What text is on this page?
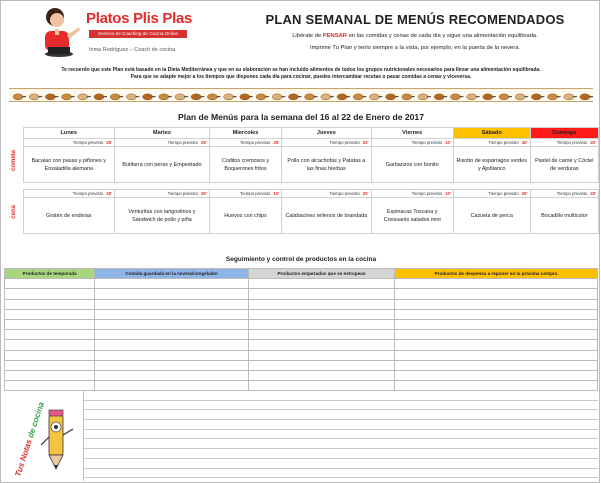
Platos Plis Plas
Servicio de Coaching de Cocina Online
Inma Rodríguez – Coach de cocina
PLAN SEMANAL DE MENÚS RECOMENDADOS
Libérate de PENSAR en las comidas y cenas de cada día y sigue una alimentación equilibrada.
Imprime Tu Plan y tenlo siempre a la vista, por ejemplo, en la puerta de la nevera.
Te recuerdo que este Plan está basado en la Dieta Mediterránea y que en su elaboración se han incluido alimentos de todos los grupos nutricionales necesarios para llevar una alimentación equilibrada.
Para que se adapte mejor a los tiempos que dispones cada día para cocinar, puedes intercambiar recetas o pasar comidas a cenas y viceversa.
Plan de Menús para la semana del 16 al 22 de Enero de 2017
	Lunes	Martes	Miercoles	Jueves	Viernes	Sábado	Domingo

comida	Tiempo previsto 25'	Tiempo previsto 25'	Tiempo previsto 25'	Tiempo previsto 25'	Tiempo previsto 10'	Tiempo previsto 40'	Tiempo previsto 40'
	Bacalao con pasas y piñones y Ensaladilla alemana	Butifarra con peras y Empedrado	Coditos cremosos y Boquerones fritos	Pollo con alcachofas y Patatas a las finas hierbas	Garbanzos con bonito	Risotto de espárragos verdes y Ajoblanco	Pastel de carne y Cóctel de verduras

cena	Tiempo previsto 25'	Tiempo previsto 25'	Tiempo previsto 10'	Tiempo previsto 25'	Tiempo previsto 10'	Tiempo previsto 25'	Tiempo previsto 25'
	Gratén de endivias	Venturitas con langostinos y Sándwich de pollo y piña	Huevos con chips	Calabacines rellenos de brandada	Espinacas Toscana y Croissants salados mini	Cazuela de perca	Bocadillo multicolor
Seguimiento y control de productos en la cocina
Productos de temporada	Comida guardada en la nevera/congelador	Productos empezados que se estropean	Productos de despensa a reponer en la próxima compra

Tus Notas de cocina
